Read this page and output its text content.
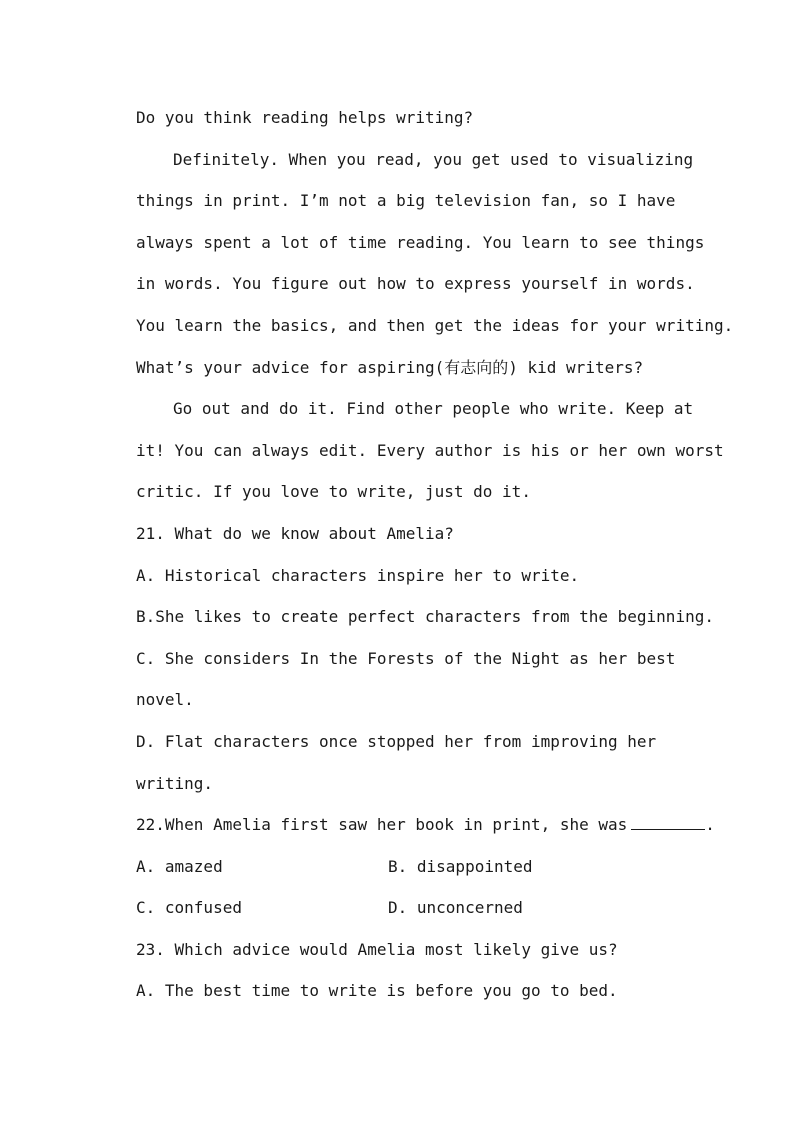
Do you think reading helps writing?
Definitely. When you read, you get used to visualizing
things in print. I’m not a big television fan, so I have
always spent a lot of time reading. You learn to see things
in words. You figure out how to express yourself in words.
You learn the basics, and then get the ideas for your writing.
What’s your advice for aspiring(有志向的) kid writers?
Go out and do it. Find other people who write. Keep at
it! You can always edit. Every author is his or her own worst
critic. If you love to write, just do it.
21. What do we know about Amelia?
A. Historical characters inspire her to write.
B.She likes to create perfect characters from the beginning.
C. She considers In the Forests of the Night as her best
novel.
D. Flat characters once stopped her from improving her
writing.
22.When Amelia first saw her book in print, she was	.
A. amazed	B. disappointed
C. confused	D. unconcerned
23. Which advice would Amelia most likely give us?
A. The best time to write is before you go to bed.
